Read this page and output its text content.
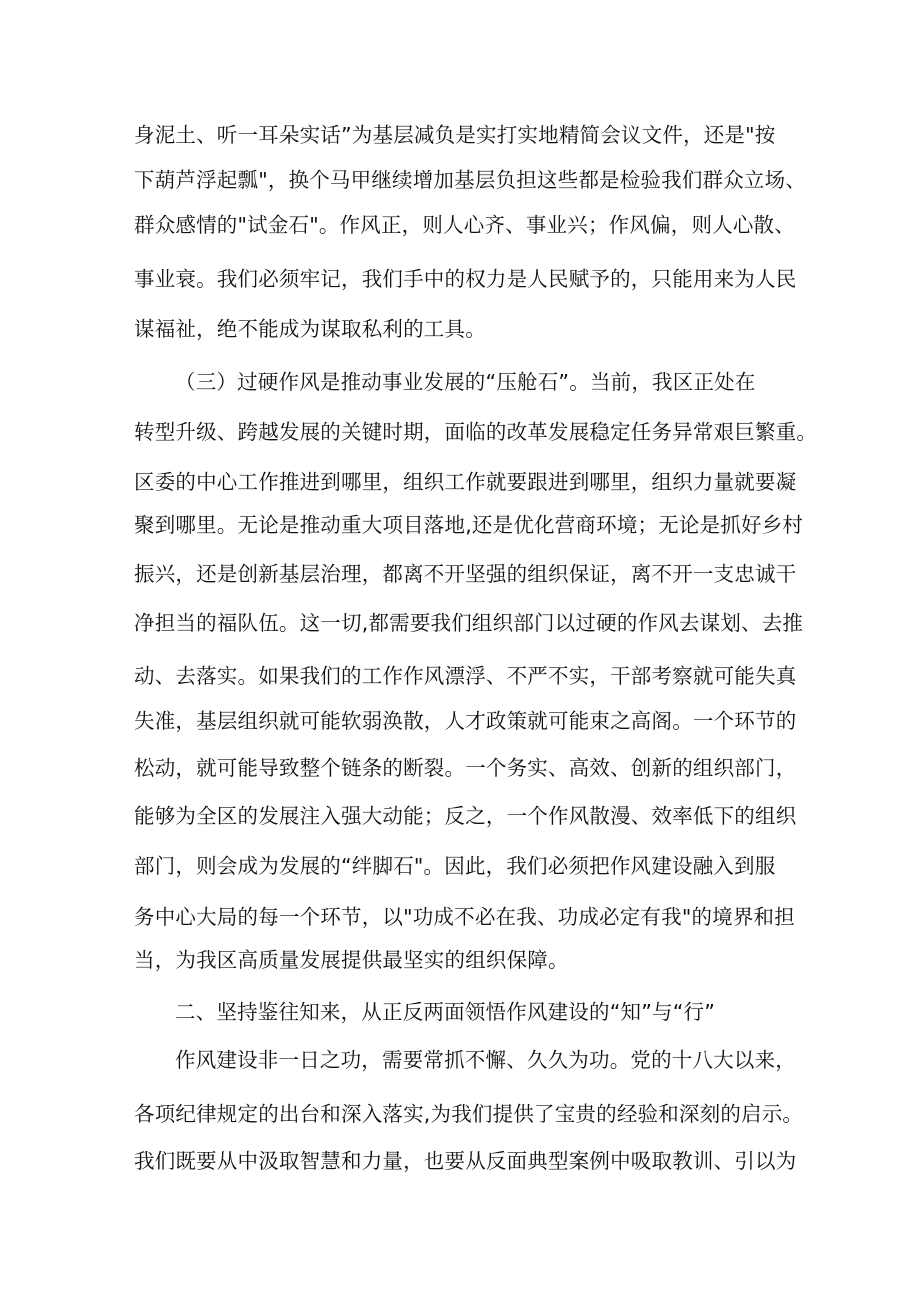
身泥土、听一耳朵实话”为基层减负是实打实地精简会议文件，还是"按
下葫芦浮起瓢"，换个马甲继续增加基层负担这些都是检验我们群众立场、
群众感情的"试金石"。作风正，则人心齐、事业兴；作风偏，则人心散、
事业衰。我们必须牢记，我们手中的权力是人民赋予的，只能用来为人民
谋福祉，绝不能成为谋取私利的工具。
（三）过硬作风是推动事业发展的“压舱石”。当前，我区正处在
转型升级、跨越发展的关键时期，面临的改革发展稳定任务异常艰巨繁重。
区委的中心工作推进到哪里，组织工作就要跟进到哪里，组织力量就要凝
聚到哪里。无论是推动重大项目落地,还是优化营商环境；无论是抓好乡村
振兴，还是创新基层治理，都离不开坚强的组织保证，离不开一支忠诚干
净担当的福队伍。这一切,都需要我们组织部门以过硬的作风去谋划、去推
动、去落实。如果我们的工作作风漂浮、不严不实，干部考察就可能失真
失准，基层组织就可能软弱涣散，人才政策就可能束之高阁。一个环节的
松动，就可能导致整个链条的断裂。一个务实、高效、创新的组织部门，
能够为全区的发展注入强大动能；反之，一个作风散漫、效率低下的组织
部门，则会成为发展的“绊脚石"。因此，我们必须把作风建设融入到服
务中心大局的每一个环节，以"功成不必在我、功成必定有我"的境界和担
当，为我区高质量发展提供最坚实的组织保障。
二、坚持鉴往知来，从正反两面领悟作风建设的“知”与“行”
作风建设非一日之功，需要常抓不懈、久久为功。党的十八大以来，
各项纪律规定的出台和深入落实,为我们提供了宝贵的经验和深刻的启示。
我们既要从中汲取智慧和力量，也要从反面典型案例中吸取教训、引以为
